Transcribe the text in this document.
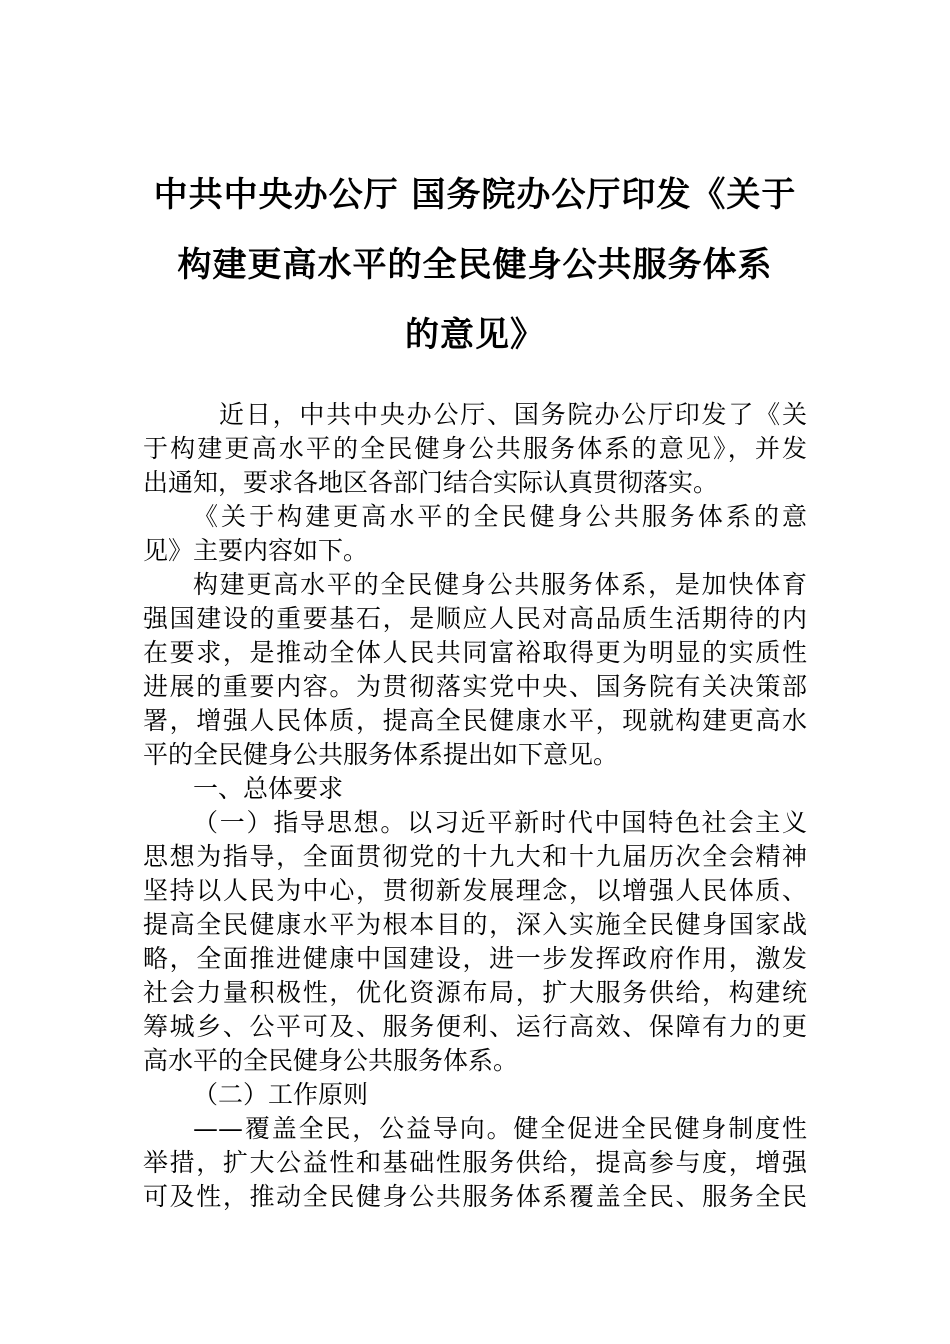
中共中央办公厅 国务院办公厅印发《关于
构建更高水平的全民健身公共服务体系
的意见》
近日，中共中央办公厅、国务院办公厅印发了《关
于构建更高水平的全民健身公共服务体系的意见》，并发
出通知，要求各地区各部门结合实际认真贯彻落实。
《关于构建更高水平的全民健身公共服务体系的意
见》主要内容如下。
构建更高水平的全民健身公共服务体系，是加快体育
强国建设的重要基石，是顺应人民对高品质生活期待的内
在要求，是推动全体人民共同富裕取得更为明显的实质性
进展的重要内容。为贯彻落实党中央、国务院有关决策部
署，增强人民体质，提高全民健康水平，现就构建更高水
平的全民健身公共服务体系提出如下意见。
一、总体要求
（一）指导思想。以习近平新时代中国特色社会主义
思想为指导，全面贯彻党的十九大和十九届历次全会精神
坚持以人民为中心，贯彻新发展理念，以增强人民体质、
提高全民健康水平为根本目的，深入实施全民健身国家战
略，全面推进健康中国建设，进一步发挥政府作用，激发
社会力量积极性，优化资源布局，扩大服务供给，构建统
筹城乡、公平可及、服务便利、运行高效、保障有力的更
高水平的全民健身公共服务体系。
（二）工作原则
——覆盖全民，公益导向。健全促进全民健身制度性
举措，扩大公益性和基础性服务供给，提高参与度，增强
可及性，推动全民健身公共服务体系覆盖全民、服务全民
